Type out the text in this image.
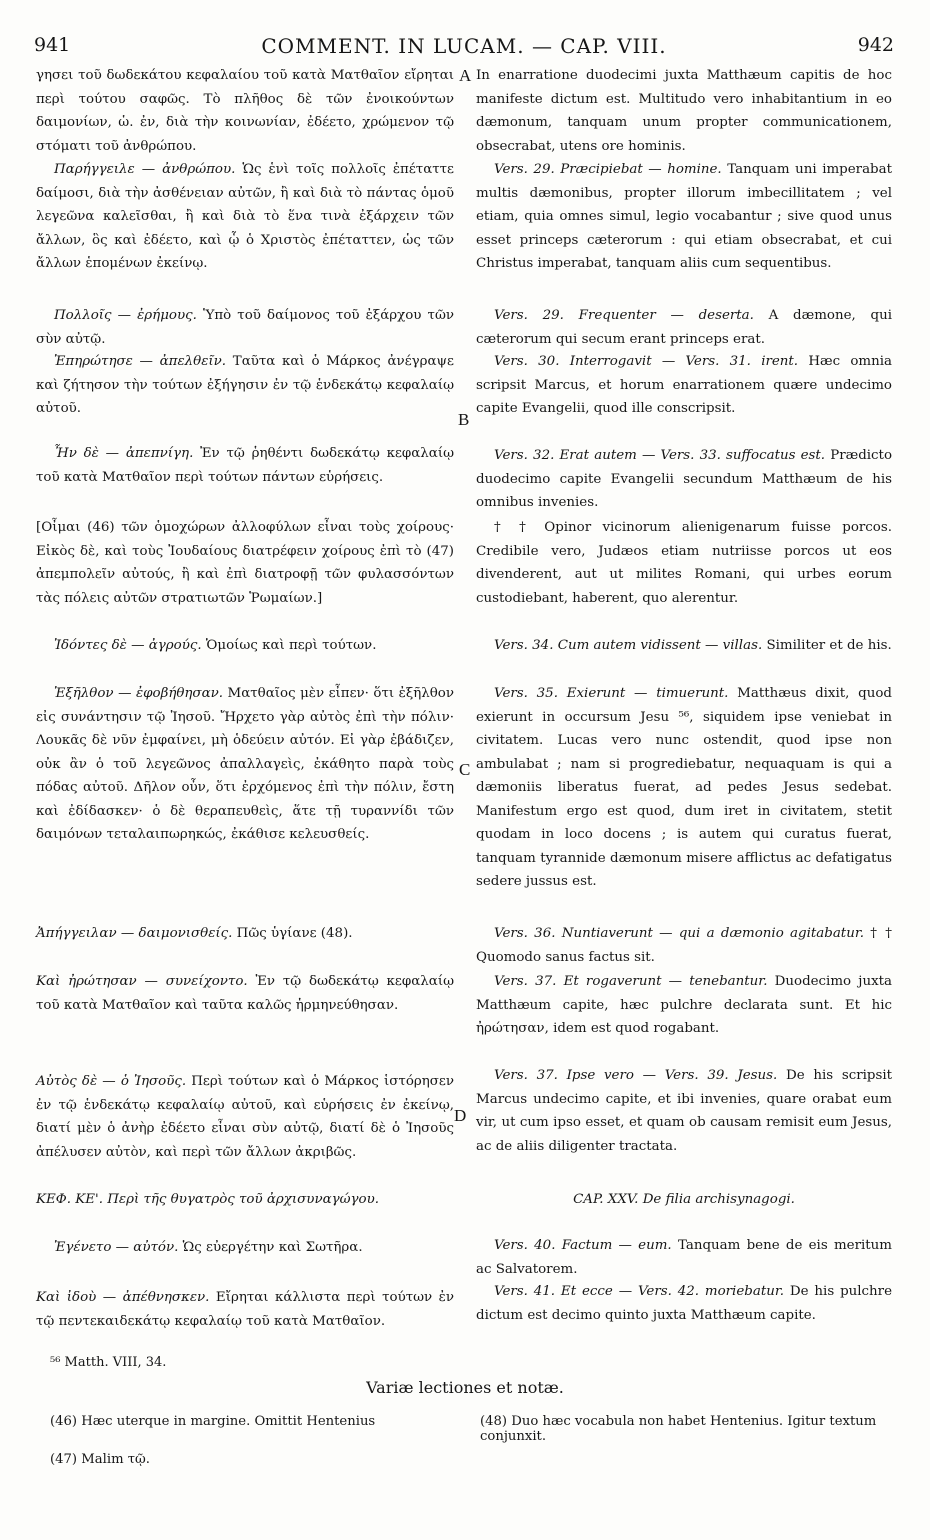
941	COMMENT. IN LUCAM. — CAP. VIII.	942

γησει τοῦ δωδεκάτου κεφαλαίου τοῦ κατὰ Ματθαῖον εἴρηται περὶ τούτου σαφῶς. Τὸ πλῆθος δὲ τῶν ἐνοικούντων δαιμονίων, ὡ. ἐν, διὰ τὴν κοινωνίαν, ἐδέετο, χρώμενον τῷ στόματι τοῦ ἀνθρώπου.

Παρήγγειλε — ἀνθρώπου. Ὡς ἑνὶ τοῖς πολλοῖς ἐπέταττε δαίμοσι, διὰ τὴν ἀσθένειαν αὐτῶν, ἢ καὶ διὰ τὸ πάντας ὁμοῦ λεγεῶνα καλεῖσθαι, ἢ καὶ διὰ τὸ ἕνα τινὰ ἐξάρχειν τῶν ἄλλων, ὃς καὶ ἐδέετο, καὶ ᾧ ὁ Χριστὸς ἐπέταττεν, ὡς τῶν ἄλλων ἑπομένων ἐκείνῳ.

Πολλοῖς — ἐρήμους. Ὑπὸ τοῦ δαίμονος τοῦ ἐξάρχου τῶν σὺν αὐτῷ.

Ἐπηρώτησε — ἀπελθεῖν. Ταῦτα καὶ ὁ Μάρκος ἀνέγραψε καὶ ζήτησον τὴν τούτων ἐξήγησιν ἐν τῷ ἑνδεκάτῳ κεφαλαίῳ αὐτοῦ.

Ἦν δὲ — ἀπεπνίγη. Ἐν τῷ ῥηθέντι δωδεκάτῳ κεφαλαίῳ τοῦ κατὰ Ματθαῖον περὶ τούτων πάντων εὑρήσεις.

[Οἶμαι (46) τῶν ὁμοχώρων ἀλλοφύλων εἶναι τοὺς χοίρους· Εἰκὸς δὲ, καὶ τοὺς Ἰουδαίους διατρέφειν χοίρους ἐπὶ τὸ (47) ἀπεμπολεῖν αὐτούς, ἢ καὶ ἐπὶ διατροφῇ τῶν φυλασσόντων τὰς πόλεις αὐτῶν στρατιωτῶν Ῥωμαίων.]

Ἰδόντες δὲ — ἀγρούς. Ὁμοίως καὶ περὶ τούτων.

Ἐξῆλθον — ἐφοβήθησαν. Ματθαῖος μὲν εἶπεν· ὅτι ἐξῆλθον εἰς συνάντησιν τῷ Ἰησοῦ. Ἤρχετο γὰρ αὐτὸς ἐπὶ τὴν πόλιν· Λουκᾶς δὲ νῦν ἐμφαίνει, μὴ ὁδεύειν αὐτόν. Εἰ γὰρ ἐβάδιζεν, οὐκ ἂν ὁ τοῦ λεγεῶνος ἀπαλλαγεὶς, ἐκάθητο παρὰ τοὺς πόδας αὐτοῦ. Δῆλον οὖν, ὅτι ἐρχόμενος ἐπὶ τὴν πόλιν, ἔστη καὶ ἐδίδασκεν· ὁ δὲ θεραπευθεὶς, ἅτε τῇ τυραννίδι τῶν δαιμόνων τεταλαιπωρηκώς, ἐκάθισε κελευσθείς.

Ἀπήγγειλαν — δαιμονισθείς. Πῶς ὑγίανε (48).

Καὶ ἠρώτησαν — συνείχοντο. Ἐν τῷ δωδεκάτῳ κεφαλαίῳ τοῦ κατὰ Ματθαῖον καὶ ταῦτα καλῶς ἡρμηνεύθησαν.

Αὐτὸς δὲ — ὁ Ἰησοῦς. Περὶ τούτων καὶ ὁ Μάρκος ἱστόρησεν ἐν τῷ ἑνδεκάτῳ κεφαλαίῳ αὐτοῦ, καὶ εὑρήσεις ἐν ἐκείνῳ, διατί μὲν ὁ ἀνὴρ ἐδέετο εἶναι σὺν αὐτῷ, διατί δὲ ὁ Ἰησοῦς ἀπέλυσεν αὐτὸν, καὶ περὶ τῶν ἄλλων ἀκριβῶς.

ΚΕΦ. ΚΕ'. Περὶ τῆς θυγατρὸς τοῦ ἀρχισυναγώγου.

Ἐγένετο — αὐτόν. Ὡς εὐεργέτην καὶ Σωτῆρα.

Καὶ ἰδοὺ — ἀπέθνησκεν. Εἴρηται κάλλιστα περὶ τούτων ἐν τῷ πεντεκαιδεκάτῳ κεφαλαίῳ τοῦ κατὰ Ματθαῖον.

In enarratione duodecimi juxta Matthæum capitis de hoc manifeste dictum est. Multitudo vero inhabitantium in eo dæmonum, tanquam unum propter communicationem, obsecrabat, utens ore hominis.

Vers. 29. Præcipiebat — homine. Tanquam uni imperabat multis dæmonibus, propter illorum imbecillitatem ; vel etiam, quia omnes simul, legio vocabantur ; sive quod unus esset princeps cæterorum : qui etiam obsecrabat, et cui Christus imperabat, tanquam aliis cum sequentibus.

Vers. 29. Frequenter — deserta. A dæmone, qui cæterorum qui secum erant princeps erat.

Vers. 30. Interrogavit — Vers. 31. irent. Hæc omnia scripsit Marcus, et horum enarrationem quære undecimo capite Evangelii, quod ille conscripsit.

Vers. 32. Erat autem — Vers. 33. suffocatus est. Prædicto duodecimo capite Evangelii secundum Matthæum de his omnibus invenies.

† † Opinor vicinorum alienigenarum fuisse porcos. Credibile vero, Judæos etiam nutriisse porcos ut eos divenderent, aut ut milites Romani, qui urbes eorum custodiebant, haberent, quo alerentur.

Vers. 34. Cum autem vidissent — villas. Similiter et de his.

Vers. 35. Exierunt — timuerunt. Matthæus dixit, quod exierunt in occursum Jesu ⁵⁶, siquidem ipse veniebat in civitatem. Lucas vero nunc ostendit, quod ipse non ambulabat ; nam si progrediebatur, nequaquam is qui a dæmoniis liberatus fuerat, ad pedes Jesus sedebat. Manifestum ergo est quod, dum iret in civitatem, stetit quodam in loco docens ; is autem qui curatus fuerat, tanquam tyrannide dæmonum misere afflictus ac defatigatus sedere jussus est.

Vers. 36. Nuntiaverunt — qui a dæmonio agitabatur. † † Quomodo sanus factus sit.

Vers. 37. Et rogaverunt — tenebantur. Duodecimo juxta Matthæum capite, hæc pulchre declarata sunt. Et hic ἠρώτησαν, idem est quod rogabant.

Vers. 37. Ipse vero — Vers. 39. Jesus. De his scripsit Marcus undecimo capite, et ibi invenies, quare orabat eum vir, ut cum ipso esset, et quam ob causam remisit eum Jesus, ac de aliis diligenter tractata.

CAP. XXV. De filia archisynagogi.

Vers. 40. Factum — eum. Tanquam bene de eis meritum ac Salvatorem.

Vers. 41. Et ecce — Vers. 42. moriebatur. De his pulchre dictum est decimo quinto juxta Matthæum capite.

A
B
C
D
⁵⁶ Matth. VIII, 34.
Variæ lectiones et notæ.
(46) Hæc uterque in margine. Omittit Hentenius
(47) Malim τῷ.
(48) Duo hæc vocabula non habet Hentenius. Igitur textum conjunxit.
